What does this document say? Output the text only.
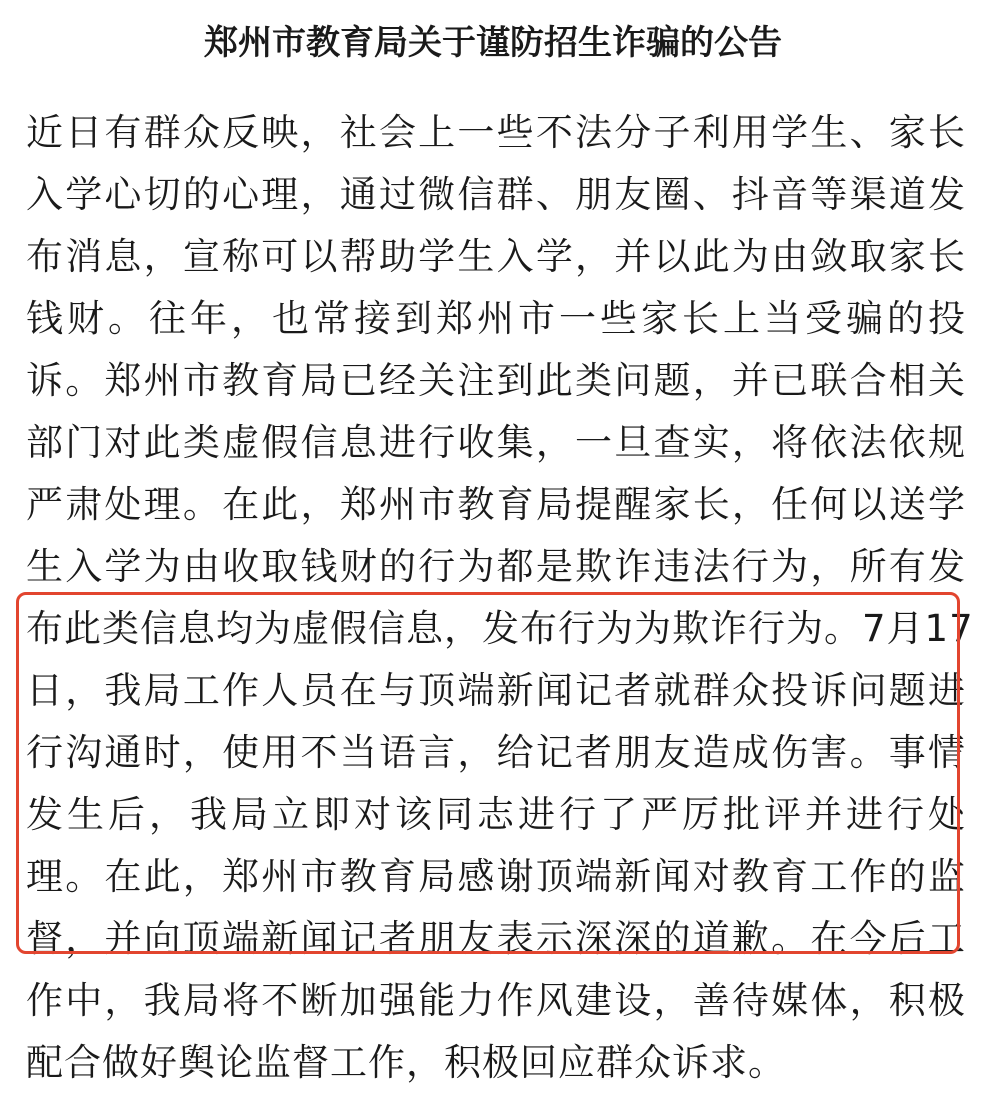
郑州市教育局关于谨防招生诈骗的公告
近日有群众反映，社会上一些不法分子利用学生、家长
入学心切的心理，通过微信群、朋友圈、抖音等渠道发
布消息，宣称可以帮助学生入学，并以此为由敛取家长
钱财。往年，也常接到郑州市一些家长上当受骗的投
诉。郑州市教育局已经关注到此类问题，并已联合相关
部门对此类虚假信息进行收集，一旦查实，将依法依规
严肃处理。在此，郑州市教育局提醒家长，任何以送学
生入学为由收取钱财的行为都是欺诈违法行为，所有发
布此类信息均为虚假信息，发布行为为欺诈行为。7月17
日，我局工作人员在与顶端新闻记者就群众投诉问题进
行沟通时，使用不当语言，给记者朋友造成伤害。事情
发生后，我局立即对该同志进行了严厉批评并进行处
理。在此，郑州市教育局感谢顶端新闻对教育工作的监
督，并向顶端新闻记者朋友表示深深的道歉。在今后工
作中，我局将不断加强能力作风建设，善待媒体，积极
配合做好舆论监督工作，积极回应群众诉求。
